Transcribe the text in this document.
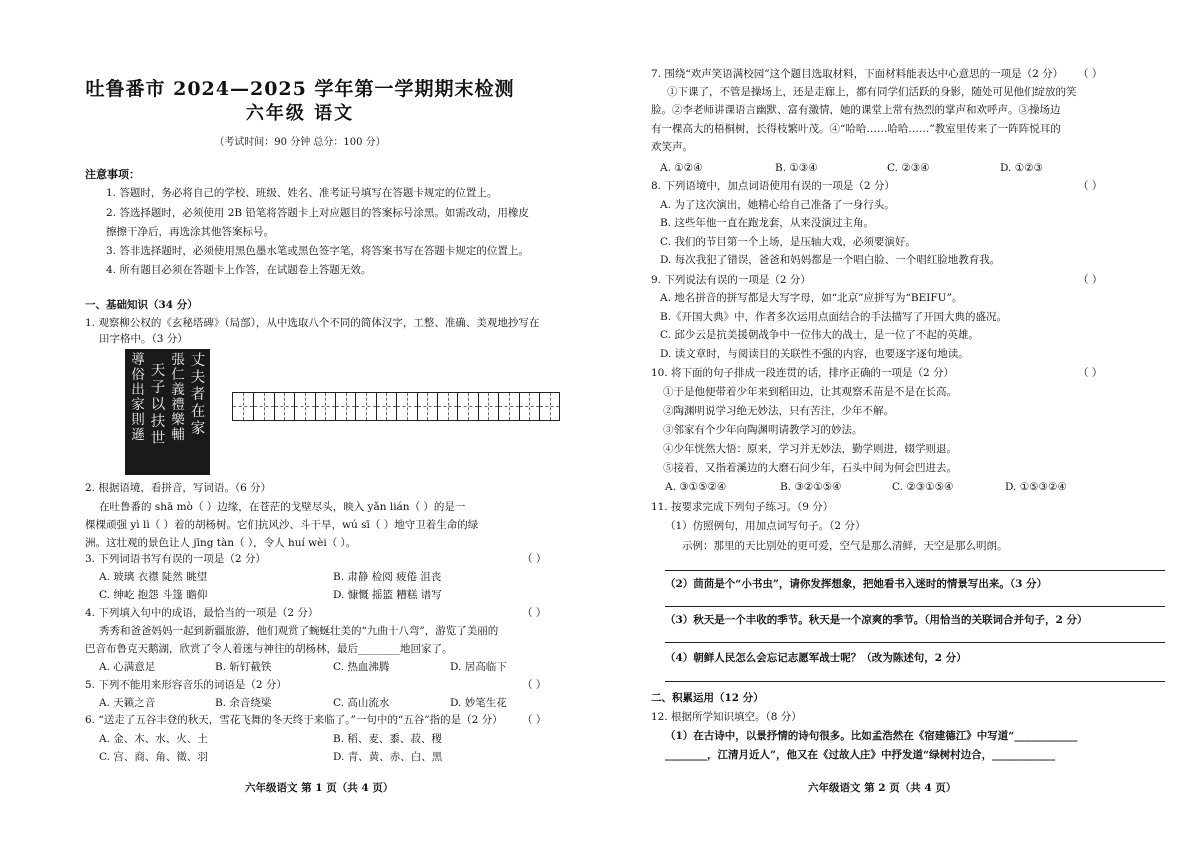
吐鲁番市 2024—2025 学年第一学期期末检测
六年级 语文
（考试时间：90 分钟 总分：100 分）
注意事项：
1. 答题时，务必将自己的学校、班级、姓名、准考证号填写在答题卡规定的位置上。
2. 答选择题时，必须使用 2B 铅笔将答题卡上对应题目的答案标号涂黑。如需改动，用橡皮
擦擦干净后，再选涂其他答案标号。
3. 答非选择题时，必须使用黑色墨水笔或黑色签字笔，将答案书写在答题卡规定的位置上。
4. 所有题目必须在答题卡上作答，在试题卷上答题无效。
一、基础知识（34 分）
1. 观察柳公权的《玄秘塔碑》（局部），从中选取八个不同的简体汉字，工整、准确、美观地抄写在
田字格中。（3 分）
丈
夫
者
在
家
張
仁
義
禮
樂
輔
天
子
以
扶
世
導
俗
出
家
則
遜
2. 根据语境，看拼音，写词语。（6 分）
在吐鲁番的 shā mò（ ）边缘，在苍茫的戈壁尽头，映入 yǎn lián（ ）的是一
棵棵顽强 yì lì（ ）着的胡杨树。它们抗风沙、斗干旱，wú sī（ ）地守卫着生命的绿
洲。这壮观的景色让人 jīng tàn（ ），令人 huí wèi（ ）。
3. 下列词语书写有误的一项是（2 分）	（ ）
A. 玻璃 衣襟 陡然 眺望	B. 肃静 检阅 疲倦 沮丧
C. 绅屹 抱怨 斗篷 瞻仰	D. 慷慨 摇篮 糟糕 谱写
4. 下列填入句中的成语，最恰当的一项是（2 分）	（ ）
秀秀和爸爸妈妈一起到新疆旅游，他们观赏了蜿蜒壮美的“九曲十八弯”，游览了美丽的
巴音布鲁克天鹅湖，欣赏了令人着迷与神往的胡杨林，最后________地回家了。
A. 心满意足	B. 斩钉截铁	C. 热血沸腾	D. 居高临下
5. 下列不能用来形容音乐的词语是（2 分）	（ ）
A. 天籁之音	B. 余音绕梁	C. 高山流水	D. 妙笔生花
6. “送走了五谷丰登的秋天，雪花飞舞的冬天终于来临了。”一句中的“五谷”指的是（2 分） （ ）
A. 金、木、水、火、土	B. 稻、麦、黍、菽、稷
C. 宫、商、角、徵、羽	D. 青、黄、赤、白、黑
六年级语文 第 1 页（共 4 页）
7. 围绕“欢声笑语满校园”这个题目选取材料，下面材料能表达中心意思的一项是（2 分） （ ）
①下课了，不管是操场上，还是走廊上，都有同学们活跃的身影，随处可见他们绽放的笑
脸。②李老师讲课语言幽默、富有激情，她的课堂上常有热烈的掌声和欢呼声。③操场边
有一棵高大的梧桐树，长得枝繁叶茂。④“哈哈……哈哈……”教室里传来了一阵阵悦耳的
欢笑声。
A. ①②④	B. ①③④	C. ②③④	D. ①②③
8. 下列语境中，加点词语使用有误的一项是（2 分）	（ ）
A. 为了这次演出，她精心给自己准备了一身行头。
B. 这些年他一直在跑龙套，从来没演过主角。
C. 我们的节目第一个上场，是压轴大戏，必须要演好。
D. 每次我犯了错误，爸爸和妈妈都是一个唱白脸、一个唱红脸地教育我。
9. 下列说法有误的一项是（2 分）	（ ）
A. 地名拼音的拼写都是大写字母，如“北京”应拼写为“BEIFU”。
B.《开国大典》中，作者多次运用点面结合的手法描写了开国大典的盛况。
C. 邱少云是抗美援朝战争中一位伟大的战士，是一位了不起的英雄。
D. 读文章时，与阅读目的关联性不强的内容，也要逐字逐句地读。
10. 将下面的句子排成一段连贯的话，排序正确的一项是（2 分）	（ ）
①于是他便带着少年来到稻田边，让其观察禾苗是不是在长高。
②陶渊明说学习绝无妙法，只有苦注，少年不解。
③邻家有个少年向陶渊明请教学习的妙法。
④少年恍然大悟：原来，学习并无妙法，勤学则进，辍学则退。
⑤接着，又指着溪边的大磨石问少年，石头中间为何会凹进去。
A. ③①⑤②④	B. ③②①⑤④	C. ②③①⑤④	D. ①⑤③②④
11. 按要求完成下列句子练习。（9 分）
（1）仿照例句，用加点词写句子。（2 分）
示例：那里的天比别处的更可爱，空气是那么清鲜，天空是那么明朗。
（2）茴茴是个“小书虫”，请你发挥想象，把她看书入迷时的情景写出来。（3 分）
（3）秋天是一个丰收的季节。秋天是一个凉爽的季节。（用恰当的关联词合并句子，2 分）
（4）朝鲜人民怎么会忘记志愿军战士呢？（改为陈述句，2 分）
二、积累运用（12 分）
12. 根据所学知识填空。（8 分）
（1）在古诗中，以景抒情的诗句很多。比如孟浩然在《宿建德江》中写道“____________
________，江清月近人”，他又在《过故人庄》中抒发道“绿树村边合，____________
六年级语文 第 2 页（共 4 页）
